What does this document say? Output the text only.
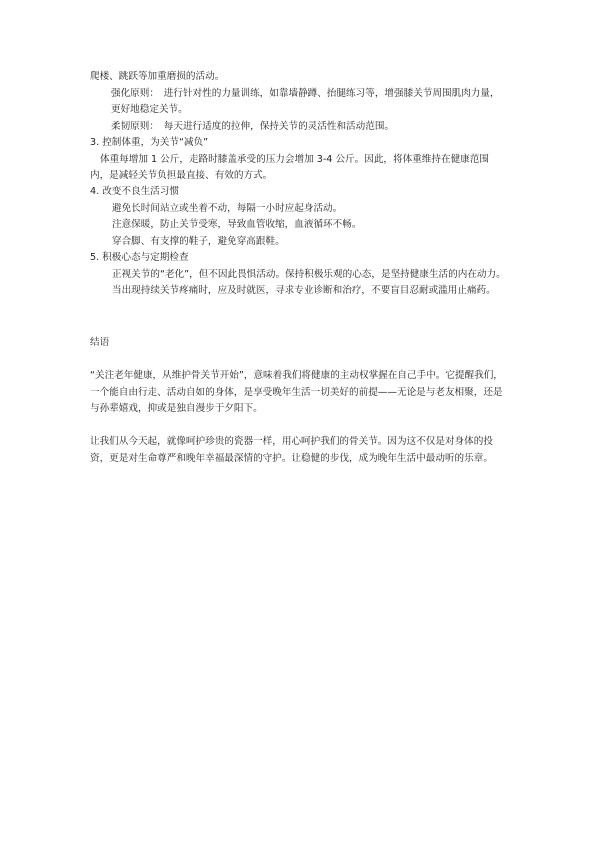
爬楼、跳跃等加重磨损的活动。

强化原则：　进行针对性的力量训练，如靠墙静蹲、抬腿练习等，增强膝关节周围肌肉力量，更好地稳定关节。

柔韧原则：　每天进行适度的拉伸，保持关节的灵活性和活动范围。

3. 控制体重，为关节“减负”

体重每增加 1 公斤，走路时膝盖承受的压力会增加 3-4 公斤。因此，将体重维持在健康范围内，是减轻关节负担最直接、有效的方式。

4. 改变不良生活习惯

避免长时间站立或坐着不动，每隔一小时应起身活动。

注意保暖，防止关节受寒，导致血管收缩，血液循环不畅。

穿合脚、有支撑的鞋子，避免穿高跟鞋。

5. 积极心态与定期检查

正视关节的“老化”，但不因此畏惧活动。保持积极乐观的心态，是坚持健康生活的内在动力。

当出现持续关节疼痛时，应及时就医，寻求专业诊断和治疗，不要盲目忍耐或滥用止痛药。

结语

“关注老年健康，从维护骨关节开始”，意味着我们将健康的主动权掌握在自己手中。它提醒我们，一个能自由行走、活动自如的身体，是享受晚年生活一切美好的前提——无论是与老友相聚，还是与孙辈嬉戏，抑或是独自漫步于夕阳下。

让我们从今天起，就像呵护珍贵的瓷器一样，用心呵护我们的骨关节。因为这不仅是对身体的投资，更是对生命尊严和晚年幸福最深情的守护。让稳健的步伐，成为晚年生活中最动听的乐章。
